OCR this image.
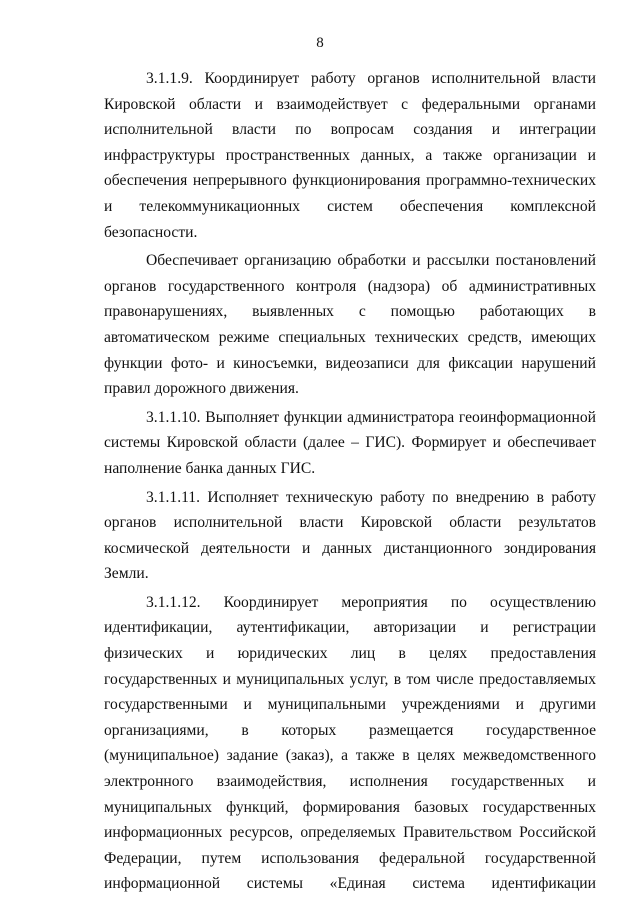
8

3.1.1.9. Координирует работу органов исполнительной власти Кировской области и взаимодействует с федеральными органами исполнительной власти по вопросам создания и интеграции инфраструктуры пространственных данных, а также организации и обеспечения непрерывного функционирования программно-технических и телекоммуникационных систем обеспечения комплексной безопасности.

Обеспечивает организацию обработки и рассылки постановлений органов государственного контроля (надзора) об административных правонарушениях, выявленных с помощью работающих в автоматическом режиме специальных технических средств, имеющих функции фото- и киносъемки, видеозаписи для фиксации нарушений правил дорожного движения.

3.1.1.10. Выполняет функции администратора геоинформационной системы Кировской области (далее – ГИС). Формирует и обеспечивает наполнение банка данных ГИС.

3.1.1.11. Исполняет техническую работу по внедрению в работу органов исполнительной власти Кировской области результатов космической деятельности и данных дистанционного зондирования Земли.

3.1.1.12. Координирует мероприятия по осуществлению идентификации, аутентификации, авторизации и регистрации физических и юридических лиц в целях предоставления государственных и муниципальных услуг, в том числе предоставляемых государственными и муниципальными учреждениями и другими организациями, в которых размещается государственное (муниципальное) задание (заказ), а также в целях межведомственного электронного взаимодействия, исполнения государственных и муниципальных функций, формирования базовых государственных информационных ресурсов, определяемых Правительством Российской Федерации, путем использования федеральной государственной информационной системы «Единая система идентификации
